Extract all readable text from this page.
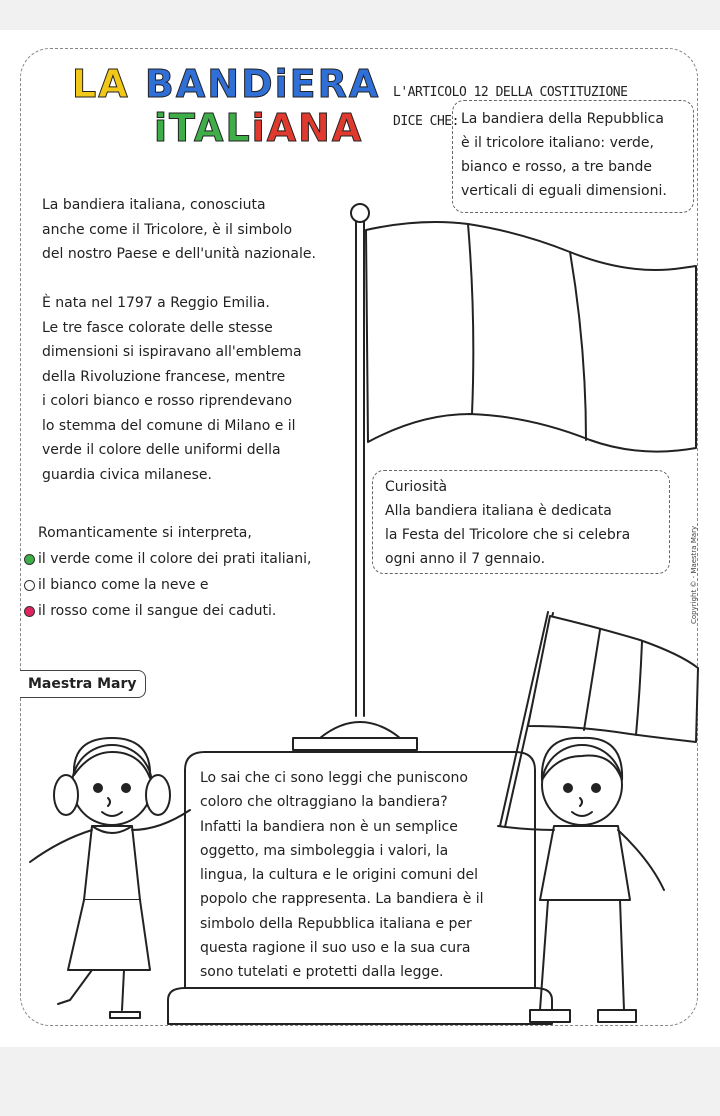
LA BANDiERA
iTALiANA
L'ARTICOLO 12 DELLA COSTITUZIONE
DICE CHE: La bandiera della Repubblica
è il tricolore italiano: verde,
bianco e rosso, a tre bande
verticali di eguali dimensioni.
La bandiera italiana, conosciuta
anche come il Tricolore, è il simbolo
del nostro Paese e dell'unità nazionale.
È nata nel 1797 a Reggio Emilia.
Le tre fasce colorate delle stesse
dimensioni si ispiravano all'emblema
della Rivoluzione francese, mentre
i colori bianco e rosso riprendevano
lo stemma del comune di Milano e il
verde il colore delle uniformi della
guardia civica milanese.
Curiosità
Alla bandiera italiana è dedicata
la Festa del Tricolore che si celebra
ogni anno il 7 gennaio.
Romanticamente si interpreta,
il verde come il colore dei prati italiani,
il bianco come la neve e
il rosso come il sangue dei caduti.
Maestra Mary
Copyright © - Maestra Mary
Lo sai che ci sono leggi che puniscono
coloro che oltraggiano la bandiera?
Infatti la bandiera non è un semplice
oggetto, ma simboleggia i valori, la
lingua, la cultura e le origini comuni del
popolo che rappresenta. La bandiera è il
simbolo della Repubblica italiana e per
questa ragione il suo uso e la sua cura
sono tutelati e protetti dalla legge.
